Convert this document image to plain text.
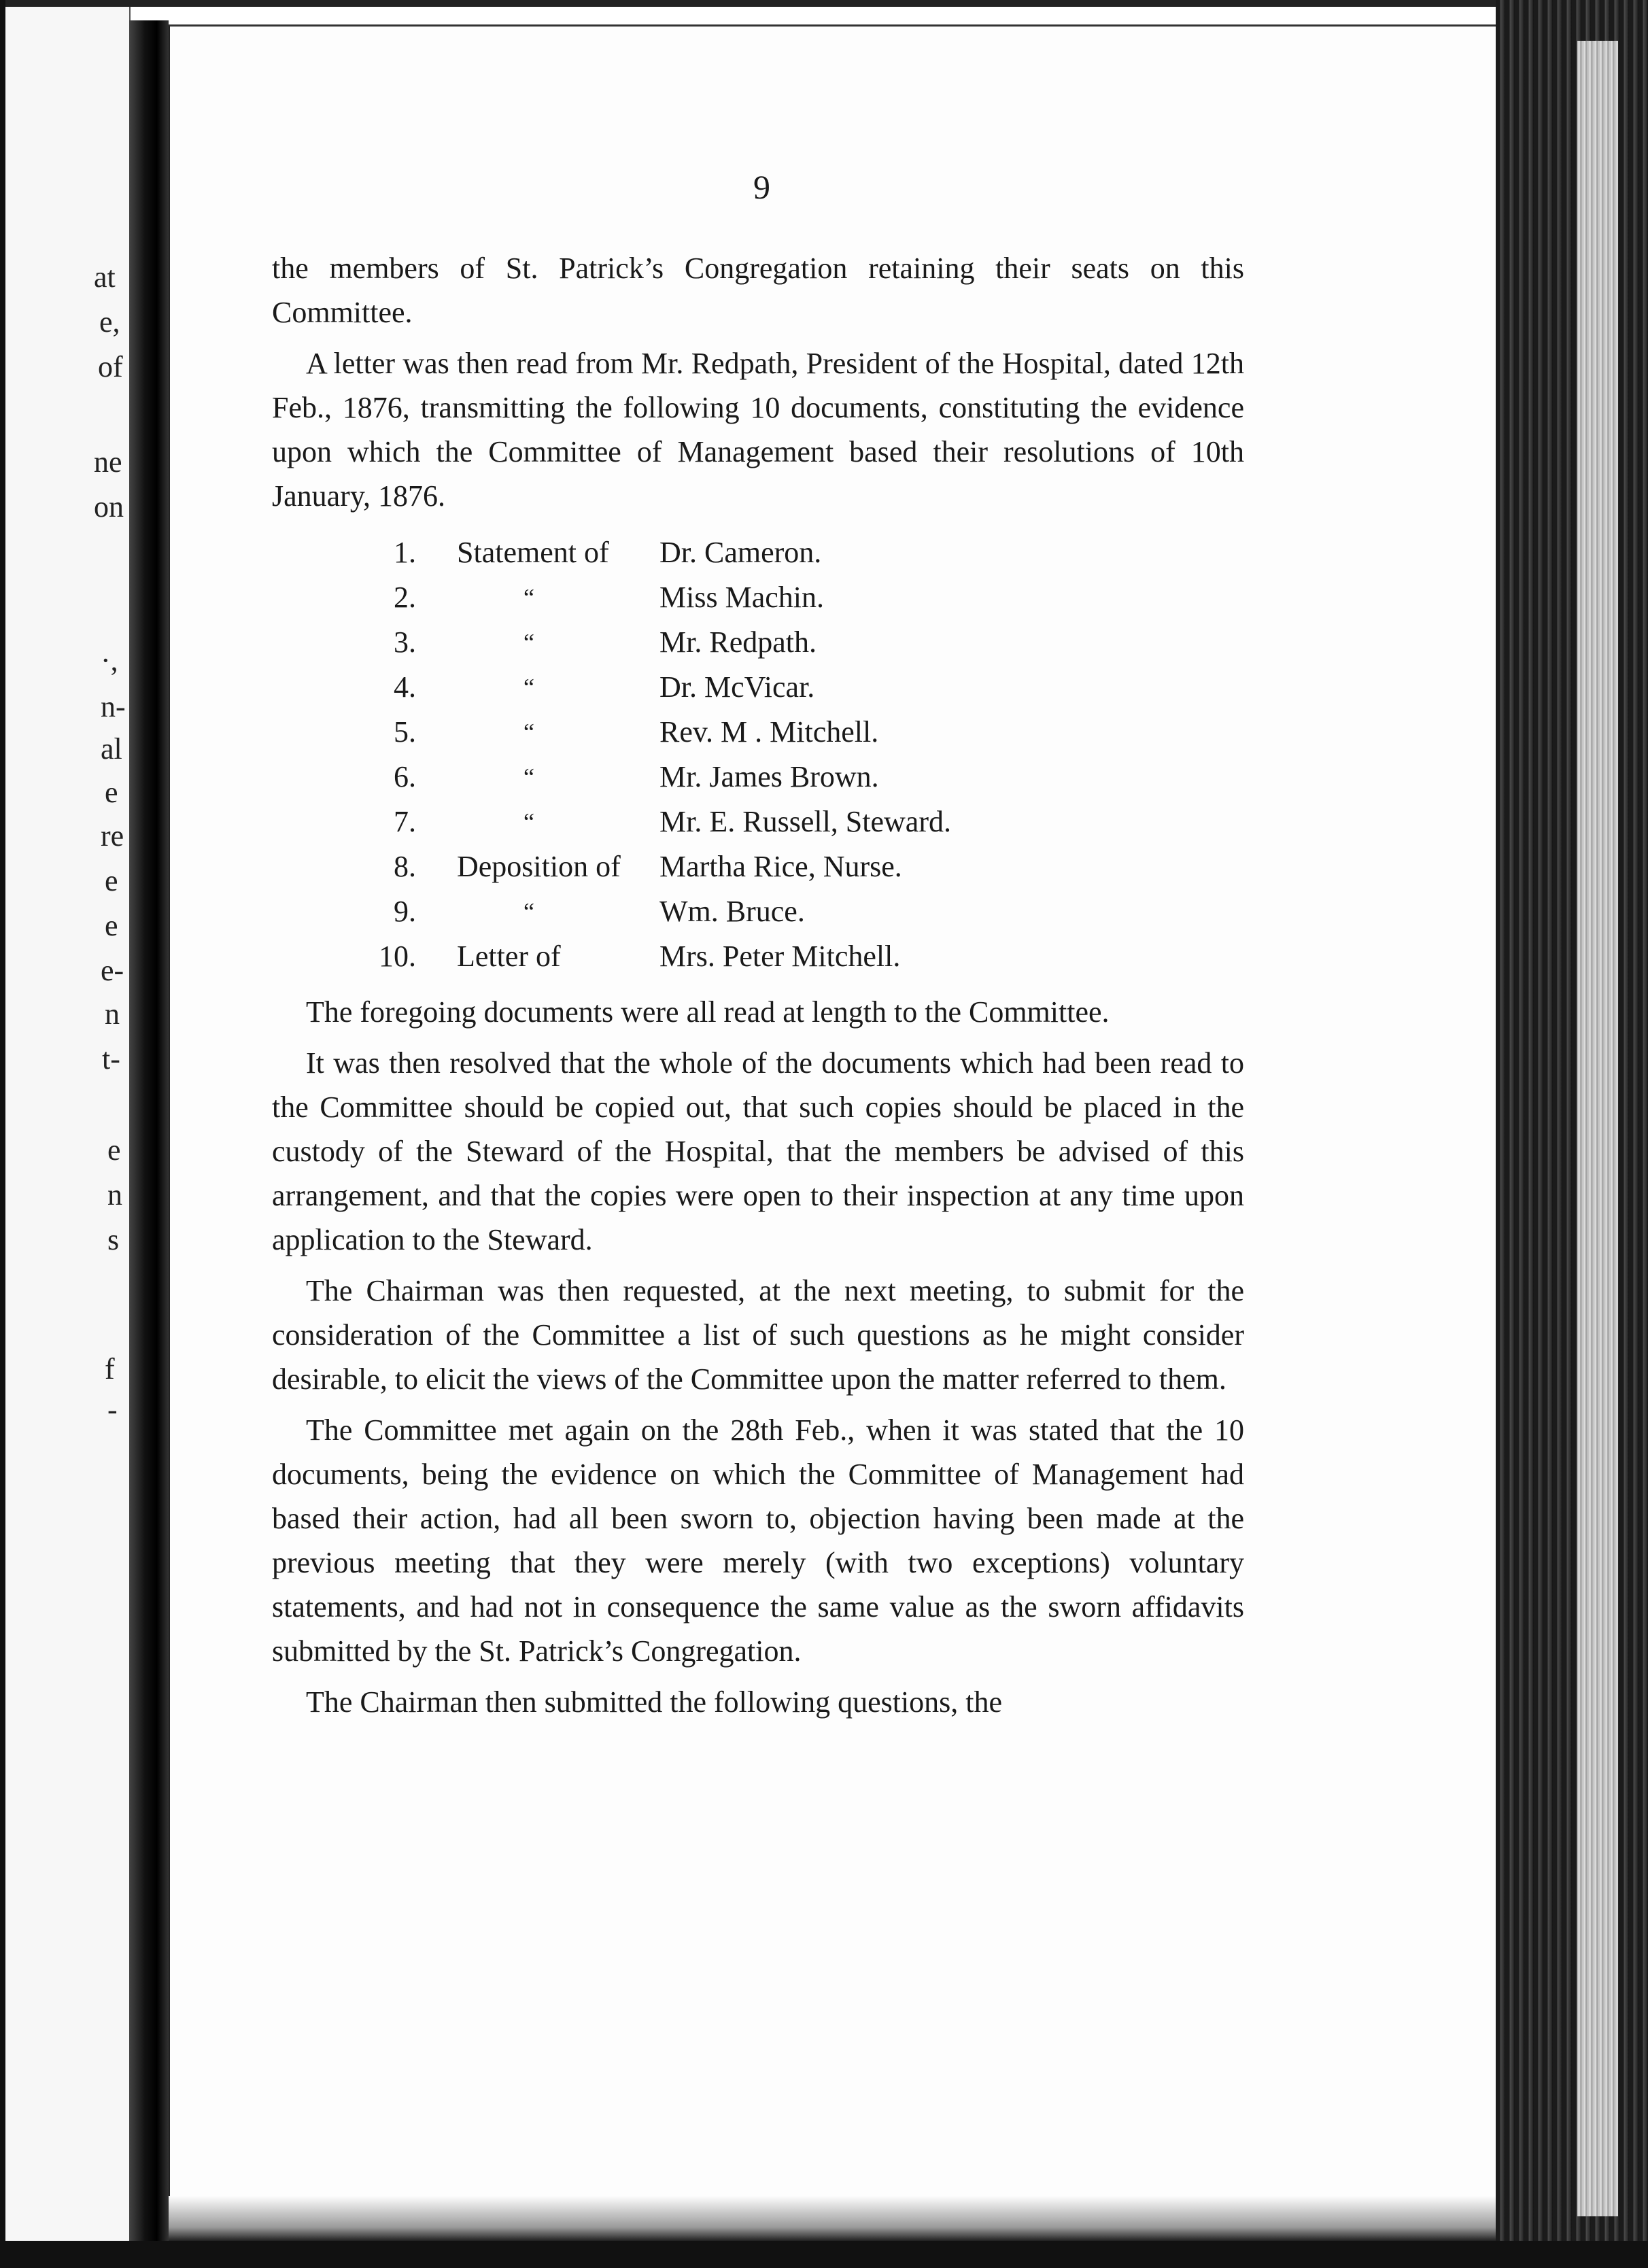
at
e,
of
ne
on
·,
n-
al
e
re
e
e
e-
n
t-
e
n
s
f
-
9

the members of St. Patrick’s Congregation retaining their seats on this Committee.

A letter was then read from Mr. Redpath, President of the Hospital, dated 12th Feb., 1876, transmitting the following 10 documents, constituting the evidence upon which the Committee of Management based their resolutions of 10th January, 1876.

1. Statement of Dr. Cameron.
2.	“	Miss Machin.
3.	“	Mr. Redpath.
4.	“	Dr. McVicar.
5.	“	Rev. M . Mitchell.
6.	“	Mr. James Brown.
7.	“	Mr. E. Russell, Steward.
8. Deposition of Martha Rice, Nurse.
9.	“	Wm. Bruce.
10. Letter of	Mrs. Peter Mitchell.

The foregoing documents were all read at length to the Committee.

It was then resolved that the whole of the documents which had been read to the Committee should be copied out, that such copies should be placed in the custody of the Steward of the Hospital, that the members be advised of this arrangement, and that the copies were open to their inspection at any time upon application to the Steward.

The Chairman was then requested, at the next meeting, to submit for the consideration of the Committee a list of such questions as he might consider desirable, to elicit the views of the Committee upon the matter referred to them.

The Committee met again on the 28th Feb., when it was stated that the 10 documents, being the evidence on which the Committee of Management had based their action, had all been sworn to, objection having been made at the previous meeting that they were merely (with two exceptions) voluntary statements, and had not in consequence the same value as the sworn affidavits submitted by the St. Patrick’s Congregation.

The Chairman then submitted the following questions, the
